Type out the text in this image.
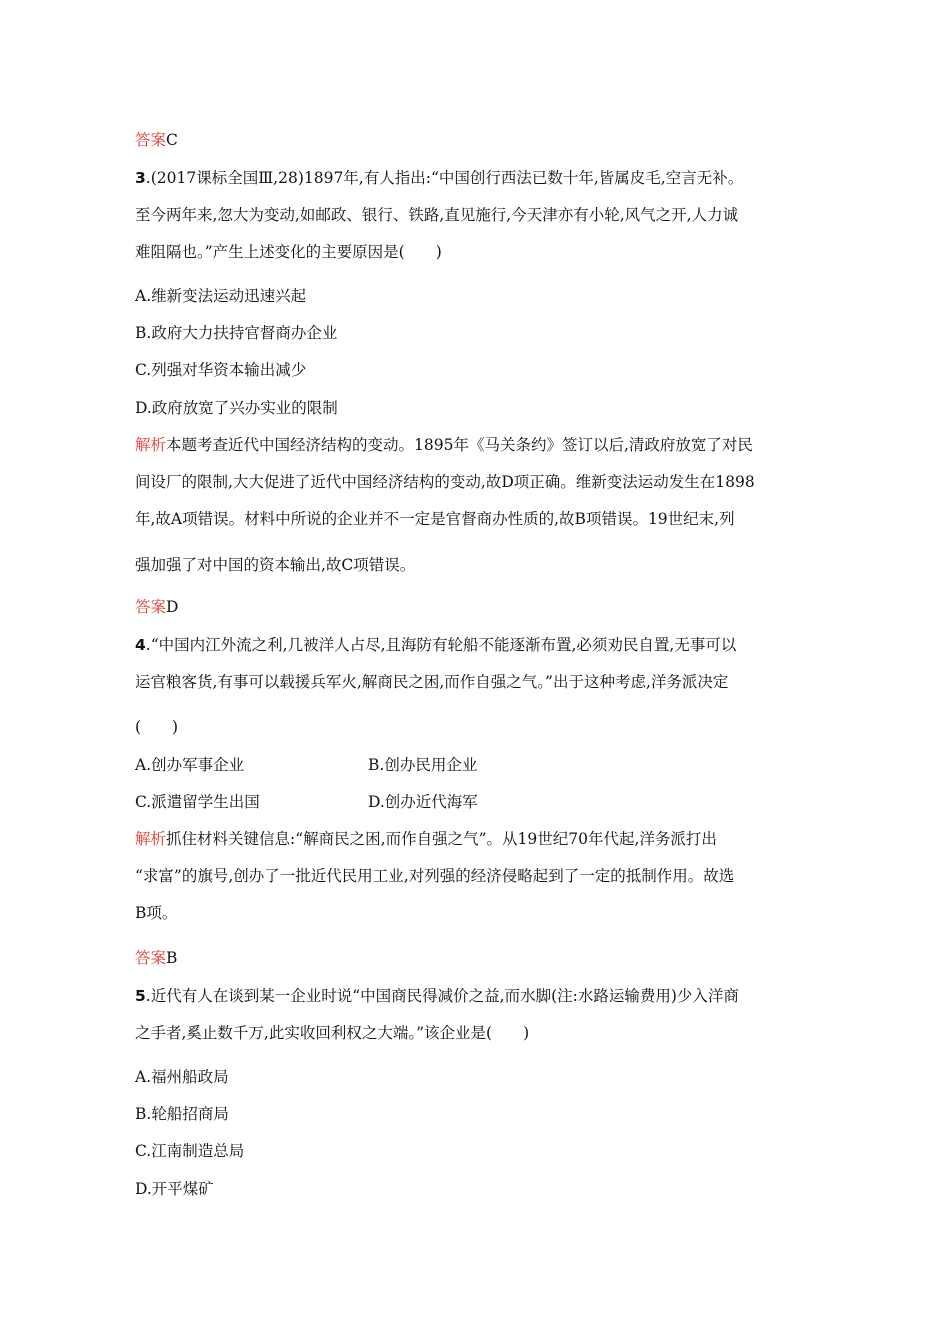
答案C
3.(2017课标全国Ⅲ,28)1897年,有人指出:“中国创行西法已数十年,皆属皮毛,空言无补。
至今两年来,忽大为变动,如邮政、银行、铁路,直见施行,今天津亦有小轮,风气之开,人力诚
难阻隔也。”产生上述变化的主要原因是(　　)
A.维新变法运动迅速兴起
B.政府大力扶持官督商办企业
C.列强对华资本输出减少
D.政府放宽了兴办实业的限制
解析本题考查近代中国经济结构的变动。1895年《马关条约》签订以后,清政府放宽了对民
间设厂的限制,大大促进了近代中国经济结构的变动,故D项正确。维新变法运动发生在1898
年,故A项错误。材料中所说的企业并不一定是官督商办性质的,故B项错误。19世纪末,列
强加强了对中国的资本输出,故C项错误。
答案D
4.“中国内江外流之利,几被洋人占尽,且海防有轮船不能逐渐布置,必须劝民自置,无事可以
运官粮客货,有事可以载援兵军火,解商民之困,而作自强之气。”出于这种考虑,洋务派决定
(　　)
A.创办军事企业	B.创办民用企业
C.派遣留学生出国	D.创办近代海军
解析抓住材料关键信息:“解商民之困,而作自强之气”。从19世纪70年代起,洋务派打出
“求富”的旗号,创办了一批近代民用工业,对列强的经济侵略起到了一定的抵制作用。故选
B项。
答案B
5.近代有人在谈到某一企业时说“中国商民得减价之益,而水脚(注:水路运输费用)少入洋商
之手者,奚止数千万,此实收回利权之大端。”该企业是(　　)
A.福州船政局
B.轮船招商局
C.江南制造总局
D.开平煤矿
